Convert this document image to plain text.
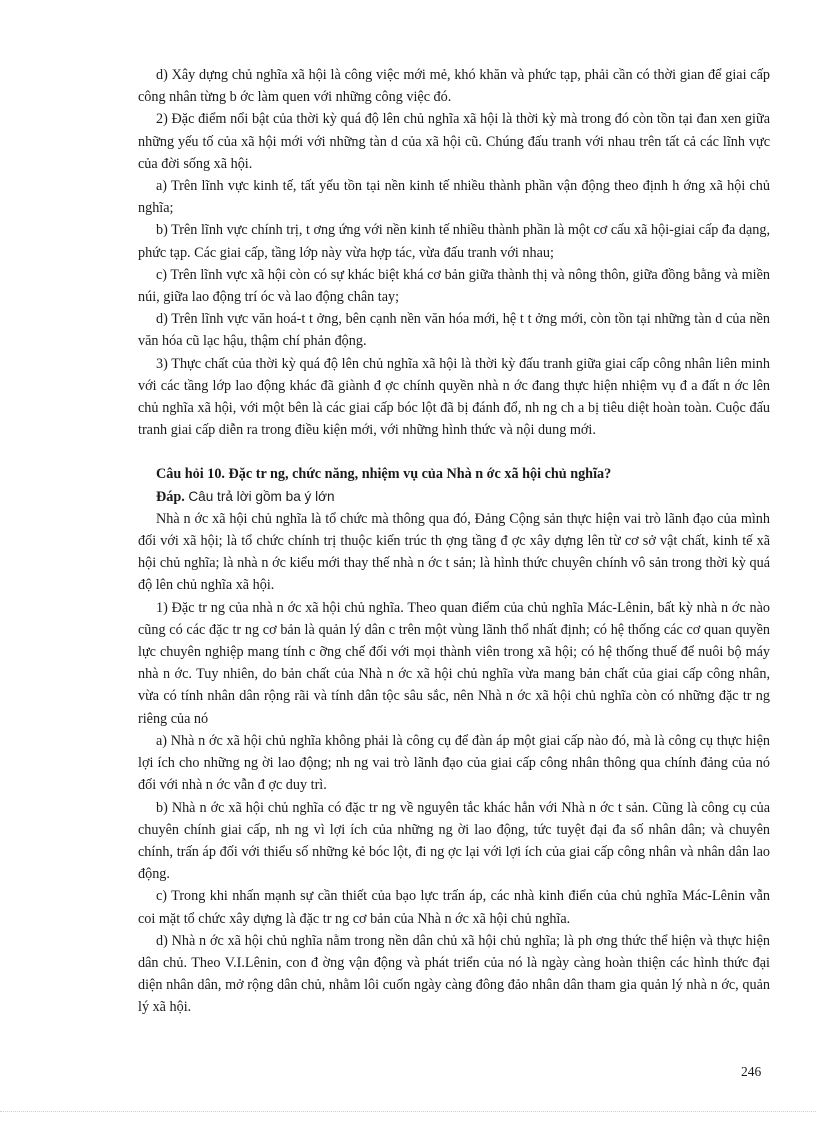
d) Xây dựng chủ nghĩa xã hội là công việc mới mẻ, khó khăn và phức tạp, phải cần có thời gian để giai cấp công nhân từng b ớc làm quen với những công việc đó.

2) Đặc điểm nổi bật của thời kỳ quá độ lên chủ nghĩa xã hội là thời kỳ mà trong đó còn tồn tại đan xen giữa những yếu tố của xã hội mới với những tàn d của xã hội cũ. Chúng đấu tranh với nhau trên tất cả các lĩnh vực của đời sống xã hội.

a) Trên lĩnh vực kinh tế, tất yếu tồn tại nền kinh tế nhiều thành phần vận động theo định h ớng xã hội chủ nghĩa;

b) Trên lĩnh vực chính trị, t ơng ứng với nền kinh tế nhiều thành phần là một cơ cấu xã hội-giai cấp đa dạng, phức tạp. Các giai cấp, tầng lớp này vừa hợp tác, vừa đấu tranh với nhau;

c) Trên lĩnh vực xã hội còn có sự khác biệt khá cơ bản giữa thành thị và nông thôn, giữa đồng bằng và miền núi, giữa lao động trí óc và lao động chân tay;

d) Trên lĩnh vực văn hoá-t t ởng, bên cạnh nền văn hóa mới, hệ t t ởng mới, còn tồn tại những tàn d của nền văn hóa cũ lạc hậu, thậm chí phản động.

3) Thực chất của thời kỳ quá độ lên chủ nghĩa xã hội là thời kỳ đấu tranh giữa giai cấp công nhân liên minh với các tầng lớp lao động khác đã giành đ ợc chính quyền nhà n ớc đang thực hiện nhiệm vụ đ a đất n ớc lên chủ nghĩa xã hội, với một bên là các giai cấp bóc lột đã bị đánh đổ, nh ng ch a bị tiêu diệt hoàn toàn. Cuộc đấu tranh giai cấp diễn ra trong điều kiện mới, với những hình thức và nội dung mới.

Câu hỏi 10. Đặc tr ng, chức năng, nhiệm vụ của Nhà n ớc xã hội chủ nghĩa?

Đáp. Câu trả lời gồm ba ý lớn

Nhà n ớc xã hội chủ nghĩa là tổ chức mà thông qua đó, Đảng Cộng sản thực hiện vai trò lãnh đạo của mình đối với xã hội; là tổ chức chính trị thuộc kiến trúc th ợng tầng đ ợc xây dựng lên từ cơ sở vật chất, kinh tế xã hội chủ nghĩa; là nhà n ớc kiểu mới thay thế nhà n ớc t sản; là hình thức chuyên chính vô sản trong thời kỳ quá độ lên chủ nghĩa xã hội.

1) Đặc tr ng của nhà n ớc xã hội chủ nghĩa. Theo quan điểm của chủ nghĩa Mác-Lênin, bất kỳ nhà n ớc nào cũng có các đặc tr ng cơ bản là quản lý dân c trên một vùng lãnh thổ nhất định; có hệ thống các cơ quan quyền lực chuyên nghiệp mang tính c ỡng chế đối với mọi thành viên trong xã hội; có hệ thống thuế để nuôi bộ máy nhà n ớc. Tuy nhiên, do bản chất của Nhà n ớc xã hội chủ nghĩa vừa mang bản chất của giai cấp công nhân, vừa có tính nhân dân rộng rãi và tính dân tộc sâu sắc, nên Nhà n ớc xã hội chủ nghĩa còn có những đặc tr ng riêng của nó

a) Nhà n ớc xã hội chủ nghĩa không phải là công cụ để đàn áp một giai cấp nào đó, mà là công cụ thực hiện lợi ích cho những ng ời lao động; nh ng vai trò lãnh đạo của giai cấp công nhân thông qua chính đảng của nó đối với nhà n ớc vẫn đ ợc duy trì.

b) Nhà n ớc xã hội chủ nghĩa có đặc tr ng về nguyên tắc khác hẳn với Nhà n ớc t sản. Cũng là công cụ của chuyên chính giai cấp, nh ng vì lợi ích của những ng ời lao động, tức tuyệt đại đa số nhân dân; và chuyên chính, trấn áp đối với thiểu số những kẻ bóc lột, đi ng ợc lại với lợi ích của giai cấp công nhân và nhân dân lao động.

c) Trong khi nhấn mạnh sự cần thiết của bạo lực trấn áp, các nhà kinh điển của chủ nghĩa Mác-Lênin vẫn coi mặt tổ chức xây dựng là đặc tr ng cơ bản của Nhà n ớc xã hội chủ nghĩa.

d) Nhà n ớc xã hội chủ nghĩa nằm trong nền dân chủ xã hội chủ nghĩa; là ph ơng thức thể hiện và thực hiện dân chủ. Theo V.I.Lênin, con đ ờng vận động và phát triển của nó là ngày càng hoàn thiện các hình thức đại diện nhân dân, mở rộng dân chủ, nhằm lôi cuốn ngày càng đông đảo nhân dân tham gia quản lý nhà n ớc, quản lý xã hội.

246
